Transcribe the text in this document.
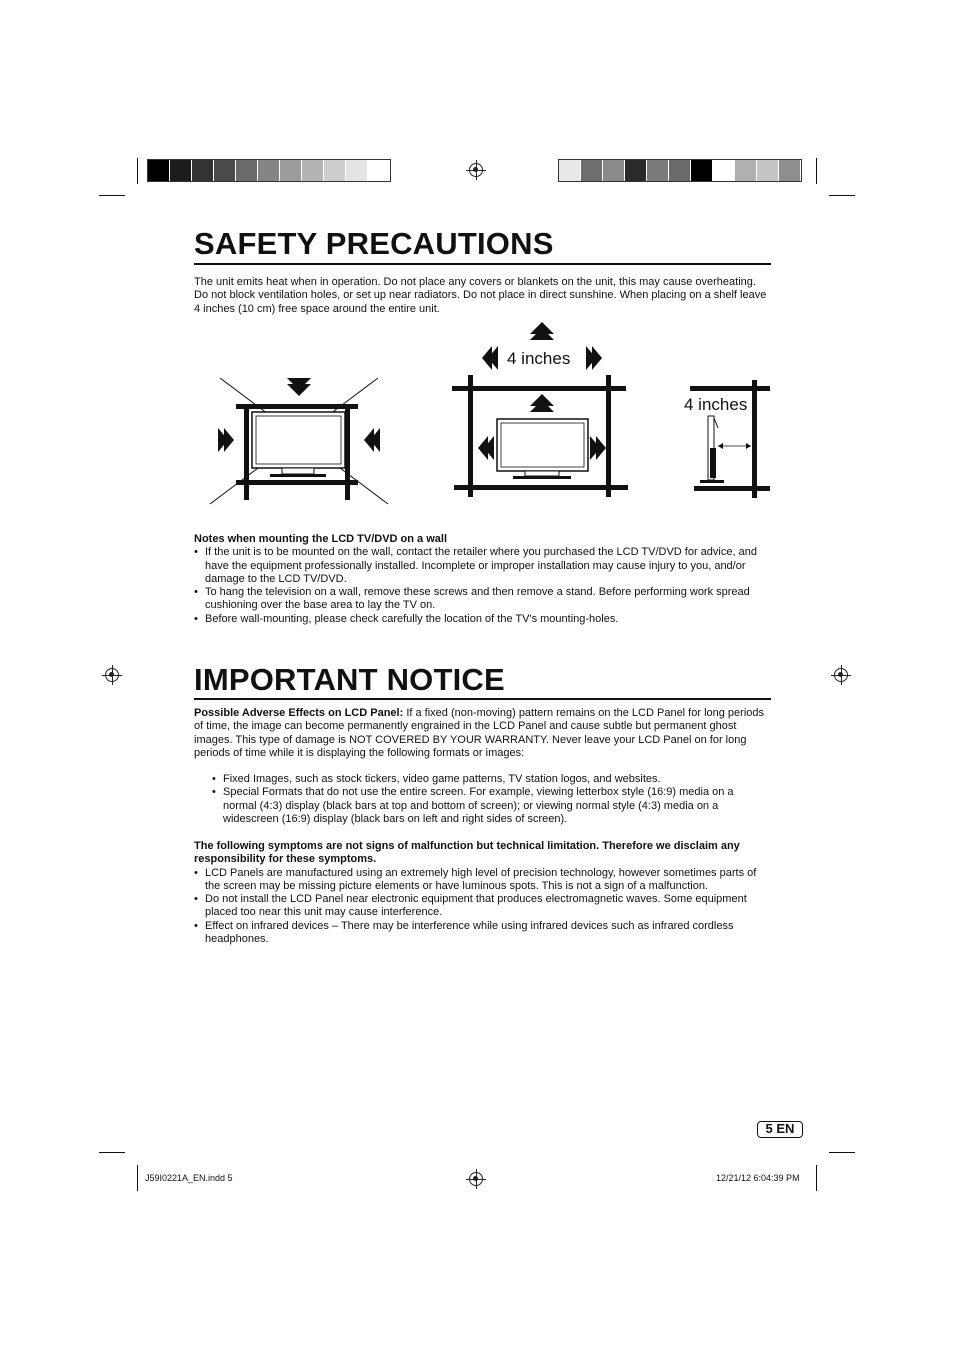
SAFETY PRECAUTIONS

The unit emits heat when in operation. Do not place any covers or blankets on the unit, this may cause overheating. Do not block ventilation holes, or set up near radiators. Do not place in direct sunshine. When placing on a shelf leave 4 inches (10 cm) free space around the entire unit.

4 inches
4 inches
Notes when mounting the LCD TV/DVD on a wall
• If the unit is to be mounted on the wall, contact the retailer where you purchased the LCD TV/DVD for advice, and have the equipment professionally installed. Incomplete or improper installation may cause injury to you, and/or damage to the LCD TV/DVD.
• To hang the television on a wall, remove these screws and then remove a stand. Before performing work spread cushioning over the base area to lay the TV on.
• Before wall-mounting, please check carefully the location of the TV's mounting-holes.
IMPORTANT NOTICE

Possible Adverse Effects on LCD Panel: If a fixed (non-moving) pattern remains on the LCD Panel for long periods of time, the image can become permanently engrained in the LCD Panel and cause subtle but permanent ghost images. This type of damage is NOT COVERED BY YOUR WARRANTY. Never leave your LCD Panel on for long periods of time while it is displaying the following formats or images:

• Fixed Images, such as stock tickers, video game patterns, TV station logos, and websites.
• Special Formats that do not use the entire screen. For example, viewing letterbox style (16:9) media on a normal (4:3) display (black bars at top and bottom of screen); or viewing normal style (4:3) media on a widescreen (16:9) display (black bars on left and right sides of screen).
The following symptoms are not signs of malfunction but technical limitation. Therefore we disclaim any responsibility for these symptoms.
• LCD Panels are manufactured using an extremely high level of precision technology, however sometimes parts of the screen may be missing picture elements or have luminous spots. This is not a sign of a malfunction.
• Do not install the LCD Panel near electronic equipment that produces electromagnetic waves. Some equipment placed too near this unit may cause interference.
• Effect on infrared devices – There may be interference while using infrared devices such as infrared cordless headphones.
5 EN
J59I0221A_EN.indd 5	12/21/12 6:04:39 PM
